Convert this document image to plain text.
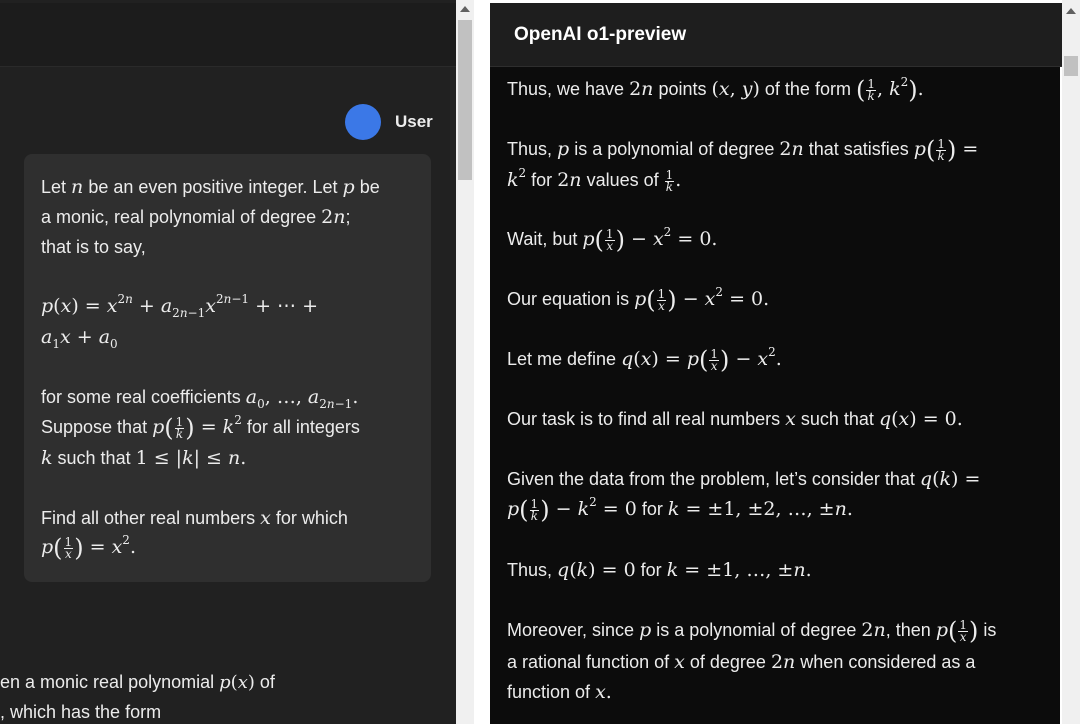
User
Let n be an even positive integer. Let p be
a monic, real polynomial of degree 2n;
that is to say,
$p(x) = x^{2n} + a_{2n-1}x^{2n-1}$ + ⋯ +
$a_1x + a_0$
for some real coefficients $a_0$, …, $a_{2n-1}$.
Suppose that $p( \frac{1}{k}$ ) = $k^2$ for all integers
k such that 1 ≤ |k| ≤ n.
Find all other real numbers x for which
$p( \frac{1}{x}$ ) = $x^2$.
en a monic real polynomial p(x) of
, which has the form
OpenAI o1-preview
Thus, we have 2n points (x, y) of the form ( $\frac{1}{k}$ , $k^2$).
Thus, p is a polynomial of degree 2n that satisfies $p( \frac{1}{k}$ ) =
$k^2$ for 2n values of $\frac{1}{k}$ .
Wait, but $p( \frac{1}{x}$ ) − $x^2 = 0$.
Our equation is $p( \frac{1}{x}$ ) − $x^2 = 0$.
Let me define $q(x) = p( \frac{1}{x}$ ) − $x^2$.
Our task is to find all real numbers x such that q(x) = 0.
Given the data from the problem, let’s consider that q(k) =
$p( \frac{1}{k}$ ) − $k^2 = 0$ for k = ±1, ±2, …, ±n.
Thus, q(k) = 0 for k = ±1, …, ±n.
Moreover, since p is a polynomial of degree 2n, then $p( \frac{1}{x}$ ) is
a rational function of x of degree 2n when considered as a
function of x.
